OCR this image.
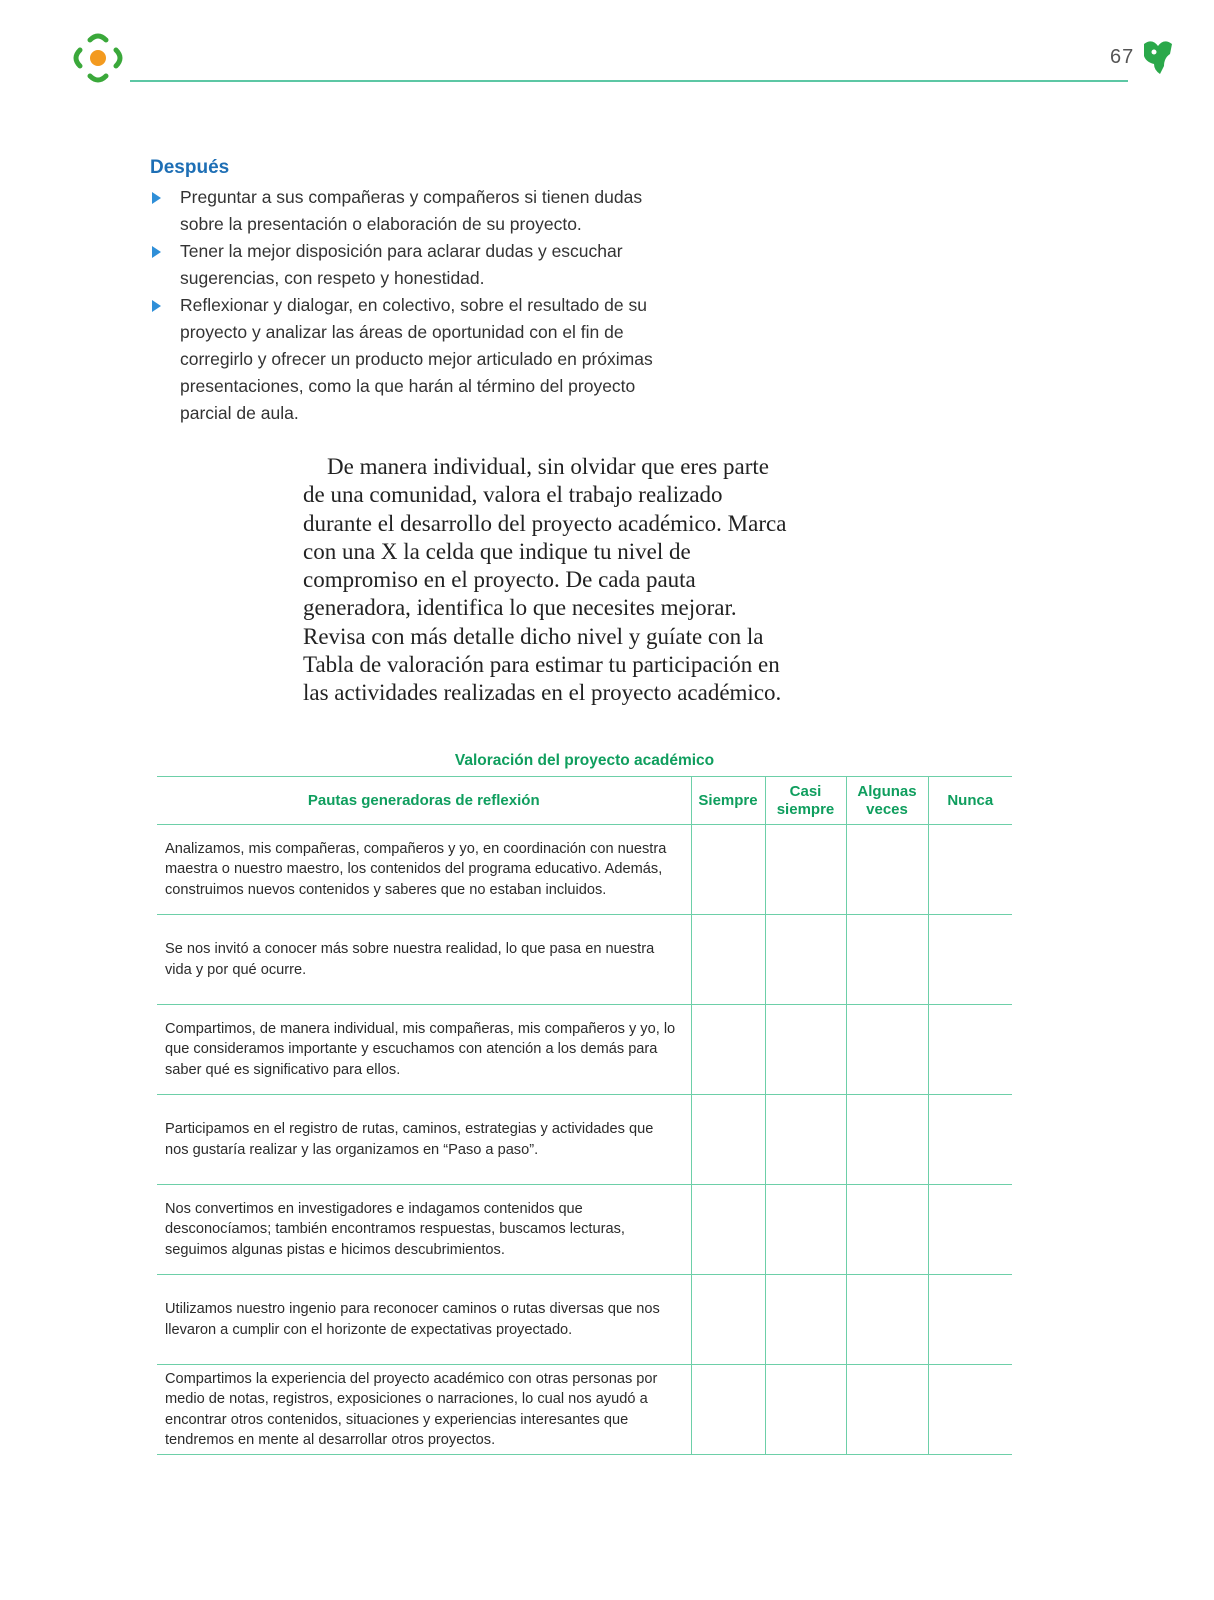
67
Después
Preguntar a sus compañeras y compañeros si tienen dudas sobre la presentación o elaboración de su proyecto.
Tener la mejor disposición para aclarar dudas y escuchar sugerencias, con respeto y honestidad.
Reflexionar y dialogar, en colectivo, sobre el resultado de su proyecto y analizar las áreas de oportunidad con el fin de corregirlo y ofrecer un producto mejor articulado en próximas presentaciones, como la que harán al término del proyecto parcial de aula.

De manera individual, sin olvidar que eres parte de una comunidad, valora el trabajo realizado durante el desarrollo del proyecto académico. Marca con una X la celda que indique tu nivel de compromiso en el proyecto. De cada pauta generadora, identifica lo que necesites mejorar. Revisa con más detalle dicho nivel y guíate con la Tabla de valoración para estimar tu participación en las actividades realizadas en el proyecto académico.

Valoración del proyecto académico
Pautas generadoras de reflexión	Siempre	Casi siempre	Algunas veces	Nunca
Analizamos, mis compañeras, compañeros y yo, en coordinación con nuestra maestra o nuestro maestro, los contenidos del programa educativo. Además, construimos nuevos contenidos y saberes que no estaban incluidos.				
Se nos invitó a conocer más sobre nuestra realidad, lo que pasa en nuestra vida y por qué ocurre.				
Compartimos, de manera individual, mis compañeras, mis compañeros y yo, lo que consideramos importante y escuchamos con atención a los demás para saber qué es significativo para ellos.				
Participamos en el registro de rutas, caminos, estrategias y actividades que nos gustaría realizar y las organizamos en “Paso a paso”.				
Nos convertimos en investigadores e indagamos contenidos que desconocíamos; también encontramos respuestas, buscamos lecturas, seguimos algunas pistas e hicimos descubrimientos.				
Utilizamos nuestro ingenio para reconocer caminos o rutas diversas que nos llevaron a cumplir con el horizonte de expectativas proyectado.				
Compartimos la experiencia del proyecto académico con otras personas por medio de notas, registros, exposiciones o narraciones, lo cual nos ayudó a encontrar otros contenidos, situaciones y experiencias interesantes que tendremos en mente al desarrollar otros proyectos.				
